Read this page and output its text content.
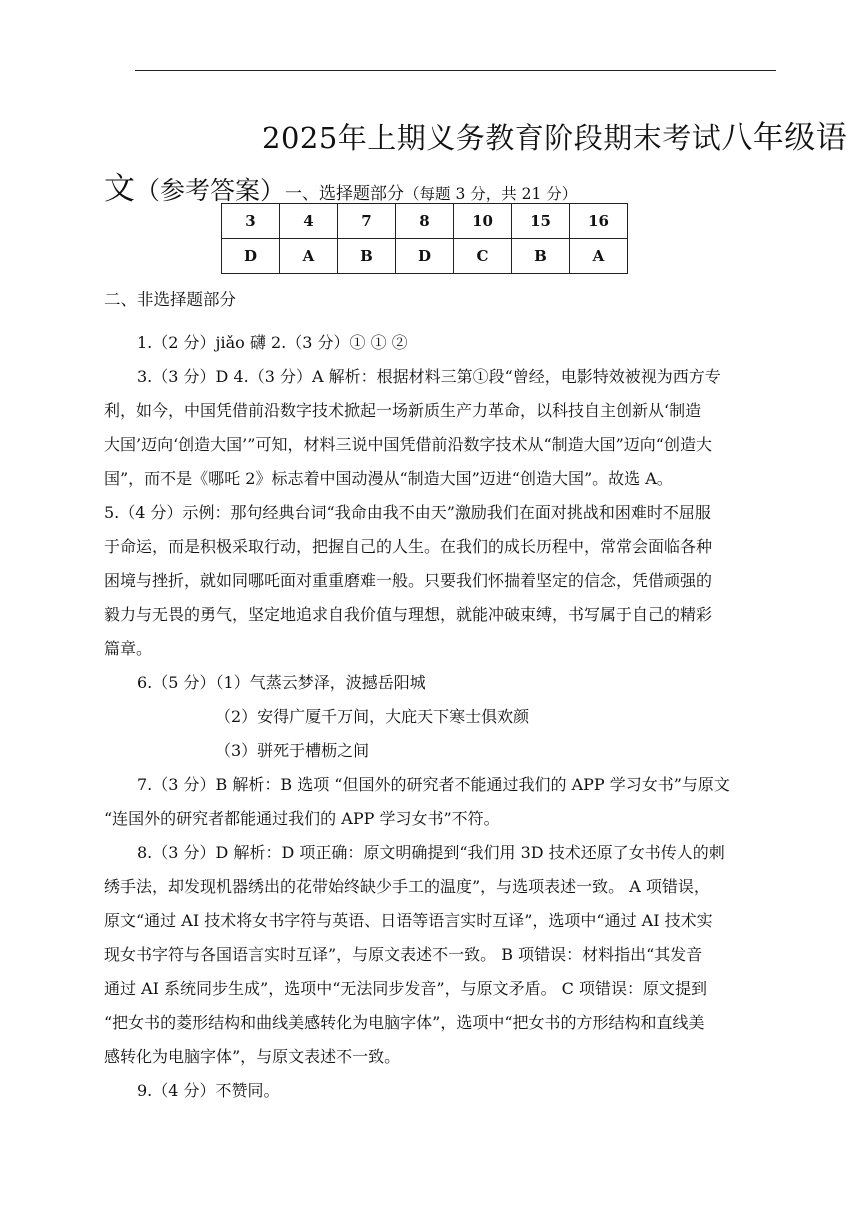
2025年上期义务教育阶段期末考试八年级语
文（参考答案）一、选择题部分（每题 3 分，共 21 分）
3	4	7	8	10	15	16
D	A	B	D	C	B	A
二、非选择题部分
1.（2 分）jiǎo 礴 2.（3 分）① ① ②
3.（3 分）D 4.（3 分）A 解析：根据材料三第①段“曾经，电影特效被视为西方专
利，如今，中国凭借前沿数字技术掀起一场新质生产力革命，以科技自主创新从‘制造
大国’迈向‘创造大国’”可知，材料三说中国凭借前沿数字技术从“制造大国”迈向“创造大
国”，而不是《哪吒 2》标志着中国动漫从“制造大国”迈进“创造大国”。故选 A。
5.（4 分）示例：那句经典台词“我命由我不由天”激励我们在面对挑战和困难时不屈服
于命运，而是积极采取行动，把握自己的人生。在我们的成长历程中，常常会面临各种
困境与挫折，就如同哪吒面对重重磨难一般。只要我们怀揣着坚定的信念，凭借顽强的
毅力与无畏的勇气，坚定地追求自我价值与理想，就能冲破束缚，书写属于自己的精彩
篇章。
6.（5 分）（1）气蒸云梦泽，波撼岳阳城
（2）安得广厦千万间，大庇天下寒士俱欢颜
（3）骈死于槽枥之间
7.（3 分）B 解析：B 选项 “但国外的研究者不能通过我们的 APP 学习女书”与原文
“连国外的研究者都能通过我们的 APP 学习女书”不符。
8.（3 分）D 解析：D 项正确：原文明确提到“我们用 3D 技术还原了女书传人的刺
绣手法，却发现机器绣出的花带始终缺少手工的温度”，与选项表述一致。 A 项错误，
原文“通过 AI 技术将女书字符与英语、日语等语言实时互译”，选项中“通过 AI 技术实
现女书字符与各国语言实时互译”，与原文表述不一致。 B 项错误：材料指出“其发音
通过 AI 系统同步生成”，选项中“无法同步发音”，与原文矛盾。 C 项错误：原文提到
“把女书的菱形结构和曲线美感转化为电脑字体”，选项中“把女书的方形结构和直线美
感转化为电脑字体”，与原文表述不一致。
9.（4 分）不赞同。
